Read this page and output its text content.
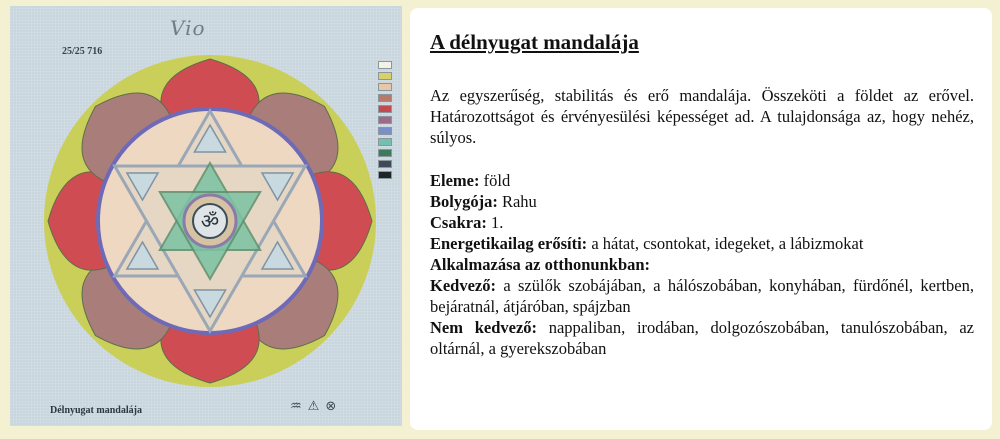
ॐ
Vio
25/25 716
Délnyugat mandalája	♒ ⚠ ⊗
A délnyugat mandalája
Az egyszerűség, stabilitás és erő mandalája. Összeköti a földet az erővel. Határozottságot és érvényesülési képességet ad. A tulajdonsága az, hogy nehéz, súlyos.
Eleme: föld
Bolygója: Rahu
Csakra: 1.
Energetikailag erősíti: a hátat, csontokat, idegeket, a lábizmokat
Alkalmazása az otthonunkban:
Kedvező: a szülők szobájában, a hálószobában, konyhában, fürdőnél, kertben, bejáratnál, átjáróban, spájzban
Nem kedvező: nappaliban, irodában, dolgozószobában, tanulószobában, az oltárnál, a gyerekszobában
